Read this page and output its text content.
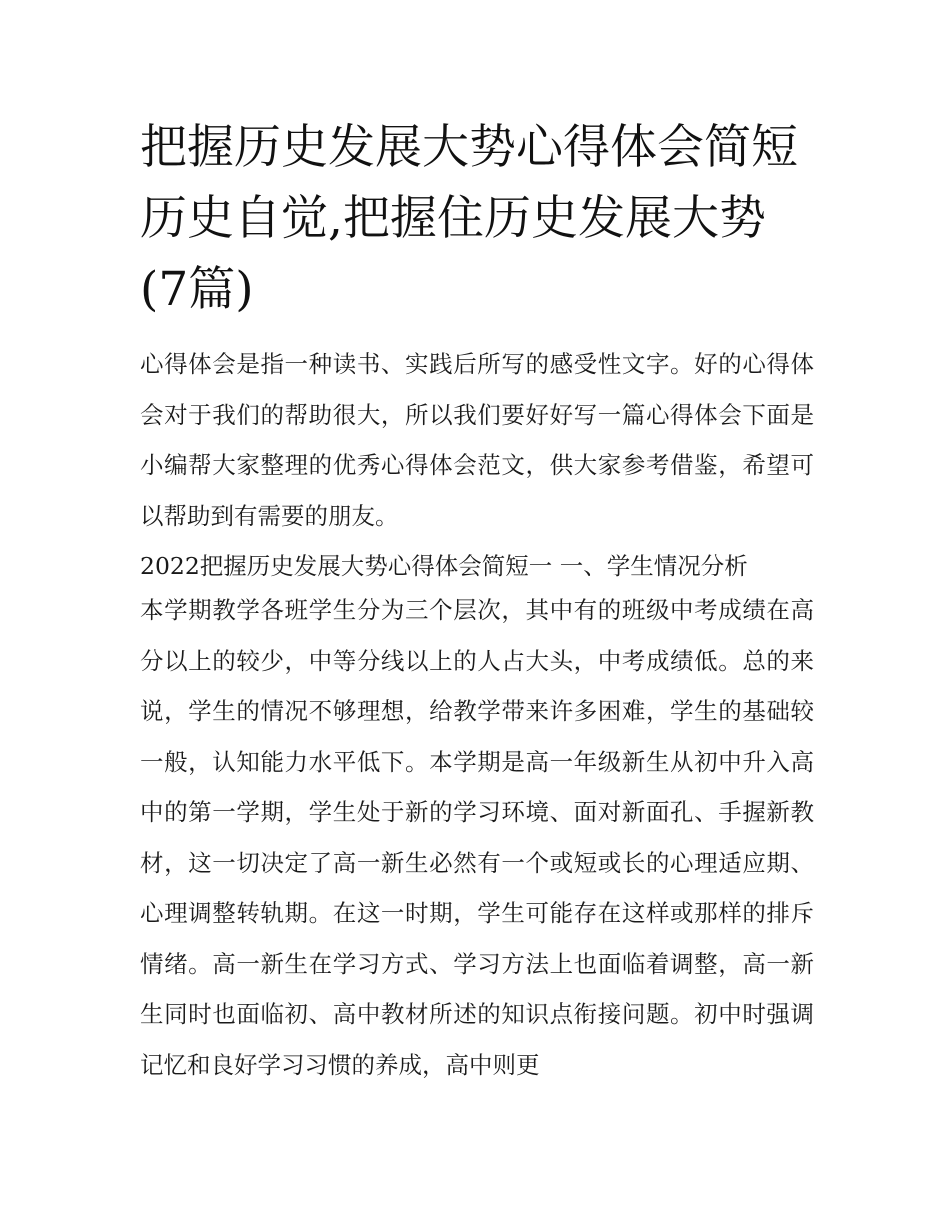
把握历史发展大势心得体会简短 历史自觉,把握住历史发展大势(7篇)

心得体会是指一种读书、实践后所写的感受性文字。好的心得体会对于我们的帮助很大，所以我们要好好写一篇心得体会下面是小编帮大家整理的优秀心得体会范文，供大家参考借鉴，希望可以帮助到有需要的朋友。

2022把握历史发展大势心得体会简短一 一、学生情况分析

本学期教学各班学生分为三个层次，其中有的班级中考成绩在高分以上的较少，中等分线以上的人占大头，中考成绩低。总的来说，学生的情况不够理想，给教学带来许多困难，学生的基础较一般，认知能力水平低下。本学期是高一年级新生从初中升入高中的第一学期，学生处于新的学习环境、面对新面孔、手握新教材，这一切决定了高一新生必然有一个或短或长的心理适应期、心理调整转轨期。在这一时期，学生可能存在这样或那样的排斥情绪。高一新生在学习方式、学习方法上也面临着调整，高一新生同时也面临初、高中教材所述的知识点衔接问题。初中时强调记忆和良好学习习惯的养成，高中则更
